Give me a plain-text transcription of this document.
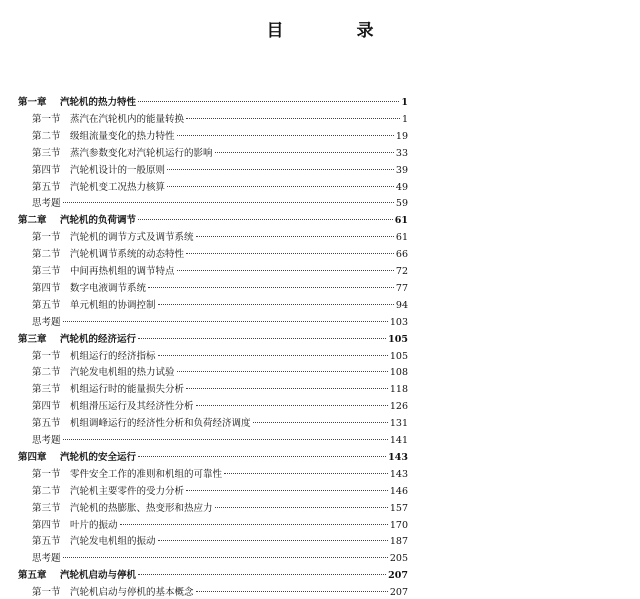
目　录
第一章 汽轮机的热力特性	1
第一节 蒸汽在汽轮机内的能量转换	1
第二节 级组流量变化的热力特性	19
第三节 蒸汽参数变化对汽轮机运行的影响	33
第四节 汽轮机设计的一般原则	39
第五节 汽轮机变工况热力核算	49
思考题	59
第二章 汽轮机的负荷调节	61
第一节 汽轮机的调节方式及调节系统	61
第二节 汽轮机调节系统的动态特性	66
第三节 中间再热机组的调节特点	72
第四节 数字电液调节系统	77
第五节 单元机组的协调控制	94
思考题	103
第三章 汽轮机的经济运行	105
第一节 机组运行的经济指标	105
第二节 汽轮发电机组的热力试验	108
第三节 机组运行时的能量损失分析	118
第四节 机组滑压运行及其经济性分析	126
第五节 机组调峰运行的经济性分析和负荷经济调度	131
思考题	141
第四章 汽轮机的安全运行	143
第一节 零件安全工作的准则和机组的可靠性	143
第二节 汽轮机主要零件的受力分析	146
第三节 汽轮机的热膨胀、热变形和热应力	157
第四节 叶片的振动	170
第五节 汽轮发电机组的振动	187
思考题	205
第五章 汽轮机启动与停机	207
第一节 汽轮机启动与停机的基本概念	207
